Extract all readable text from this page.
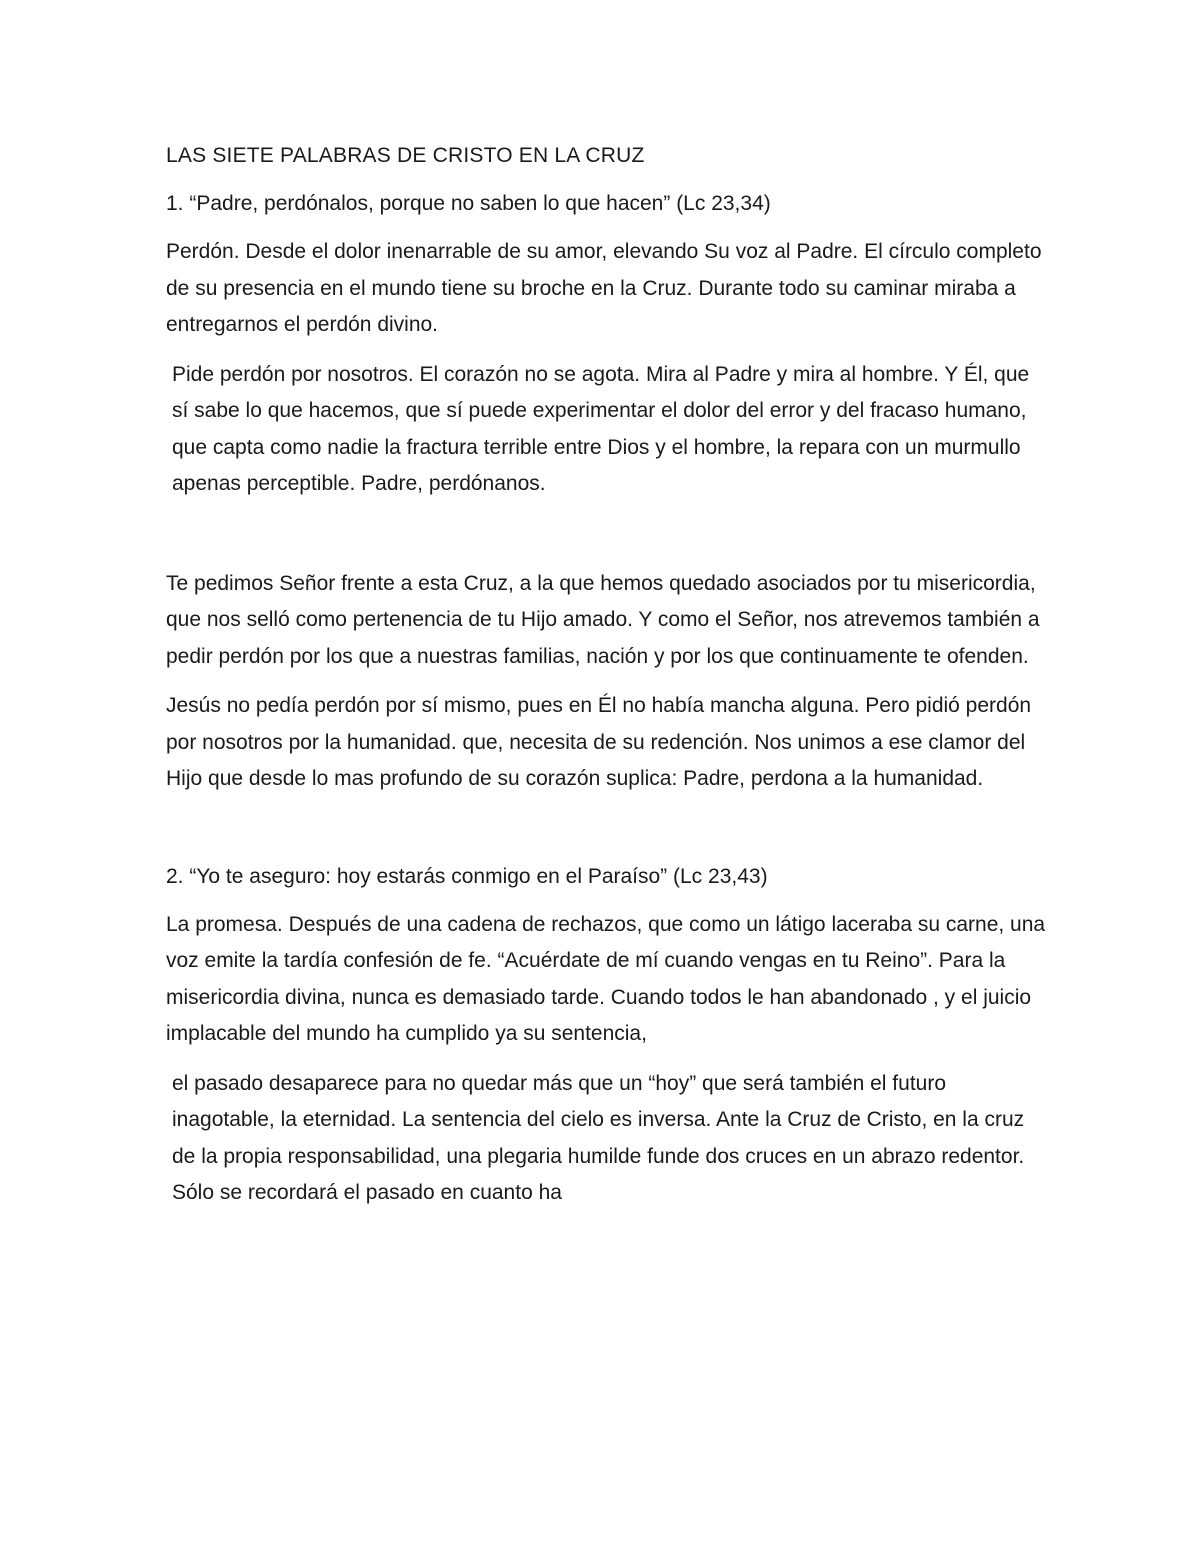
LAS SIETE PALABRAS DE CRISTO EN LA CRUZ
1. “Padre, perdónalos, porque no saben lo que hacen” (Lc 23,34)

Perdón. Desde el dolor inenarrable de su amor, elevando Su voz al Padre. El círculo completo de su presencia en el mundo tiene su broche en la Cruz. Durante todo su caminar miraba a entregarnos el perdón divino.

Pide perdón por nosotros. El corazón no se agota. Mira al Padre y mira al hombre. Y Él, que sí sabe lo que hacemos, que sí puede experimentar el dolor del error y del fracaso humano, que capta como nadie la fractura terrible entre Dios y el hombre, la repara con un murmullo apenas perceptible. Padre, perdónanos.

Te pedimos Señor frente a esta Cruz, a la que hemos quedado asociados por tu misericordia, que nos selló como pertenencia de tu Hijo amado. Y como el Señor, nos atrevemos también a pedir perdón por los que a nuestras familias, nación y por los que continuamente te ofenden.

Jesús no pedía perdón por sí mismo, pues en Él no había mancha alguna. Pero pidió perdón por nosotros por la humanidad. que, necesita de su redención. Nos unimos a ese clamor del Hijo que desde lo mas profundo de su corazón suplica: Padre, perdona a la humanidad.

2. “Yo te aseguro: hoy estarás conmigo en el Paraíso” (Lc 23,43)

La promesa. Después de una cadena de rechazos, que como un látigo laceraba su carne, una voz emite la tardía confesión de fe. “Acuérdate de mí cuando vengas en tu Reino”. Para la misericordia divina, nunca es demasiado tarde. Cuando todos le han abandonado , y el juicio implacable del mundo ha cumplido ya su sentencia,

el pasado desaparece para no quedar más que un “hoy” que será también el futuro inagotable, la eternidad. La sentencia del cielo es inversa. Ante la Cruz de Cristo, en la cruz de la propia responsabilidad, una plegaria humilde funde dos cruces en un abrazo redentor. Sólo se recordará el pasado en cuanto ha
